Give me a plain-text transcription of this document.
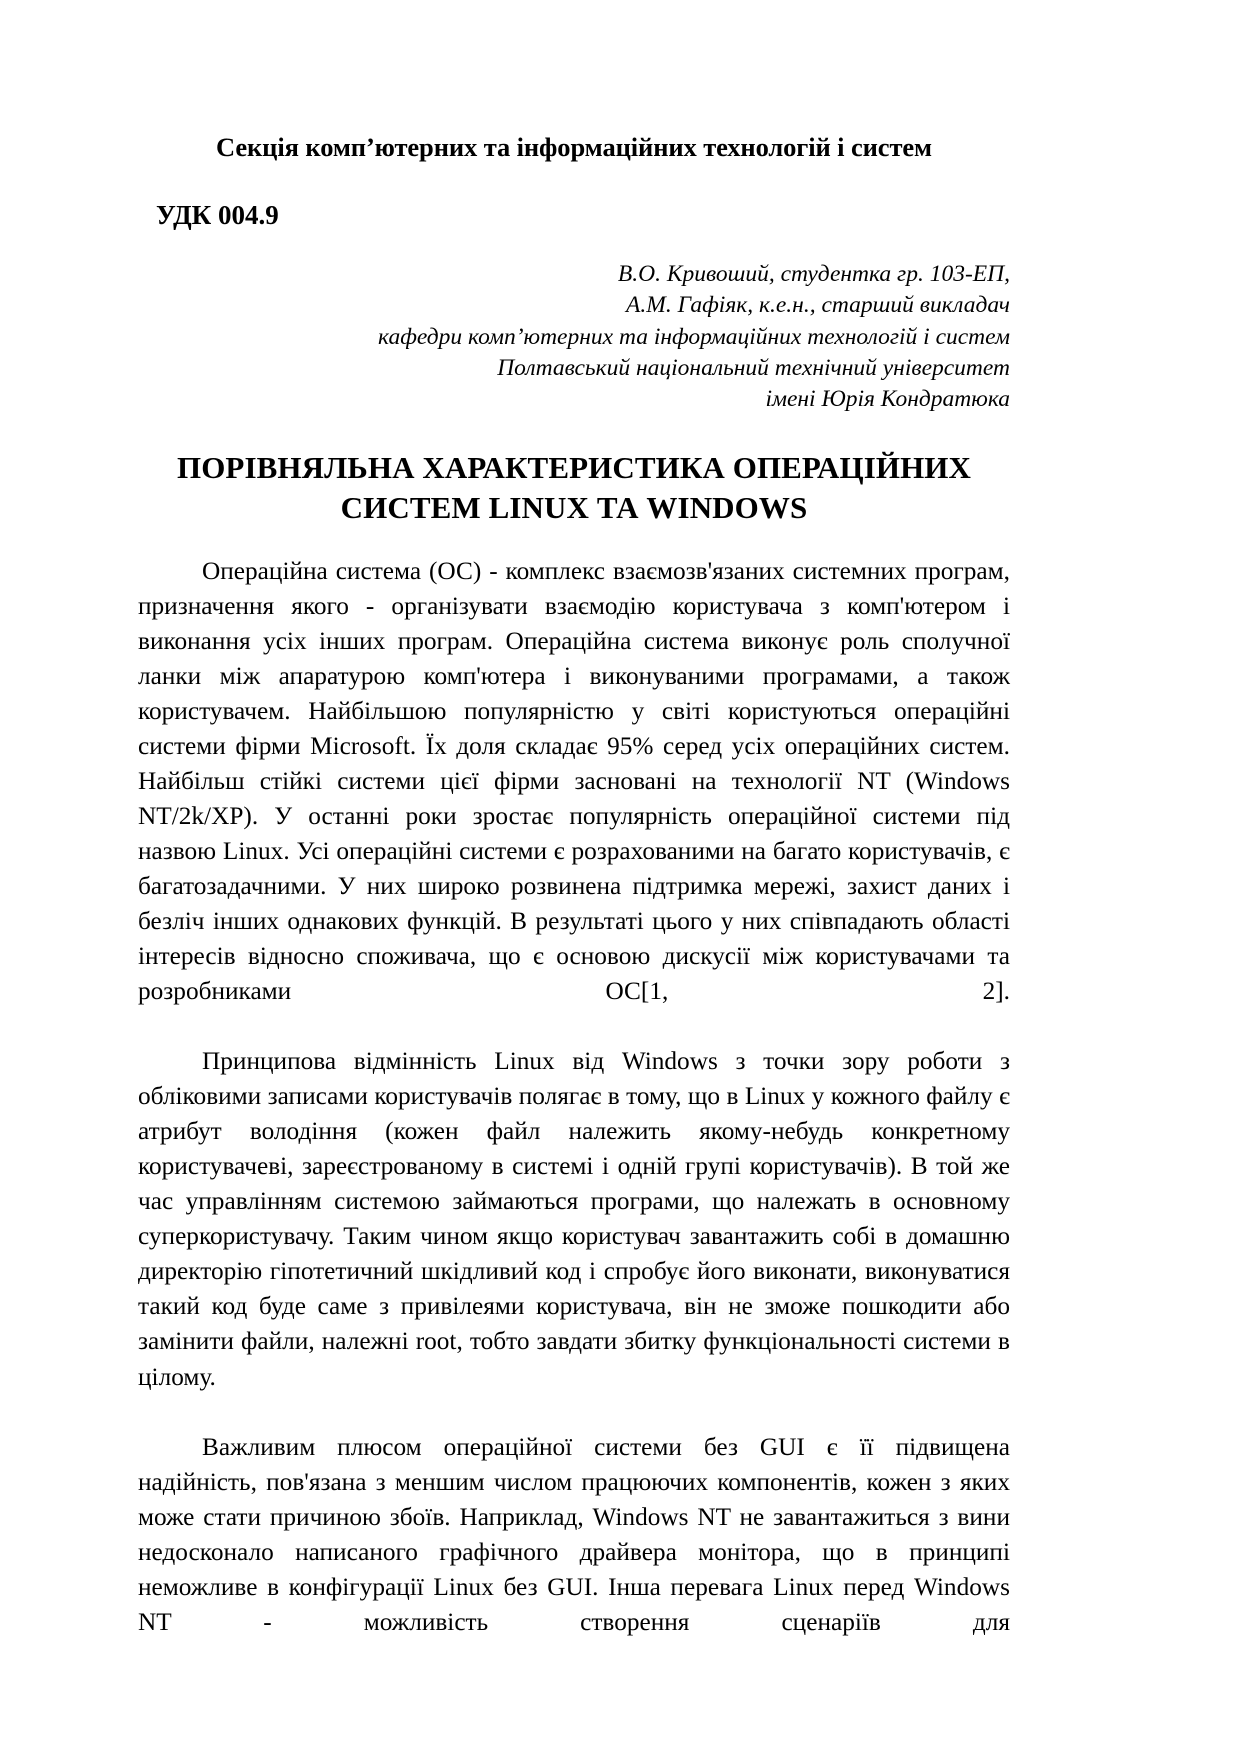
Секція комп’ютерних та інформаційних технологій і систем
УДК 004.9
В.О. Кривоший, студентка гр. 103-ЕП,
А.М. Гафіяк, к.е.н., старший викладач
кафедри комп’ютерних та інформаційних технологій і систем
Полтавський національний технічний університет
імені Юрія Кондратюка
ПОРІВНЯЛЬНА ХАРАКТЕРИСТИКА ОПЕРАЦІЙНИХ
СИСТЕМ LINUX ТА WINDOWS

Операційна система (ОС) - комплекс взаємозв'язаних системних програм, призначення якого - організувати взаємодію користувача з комп'ютером і виконання усіх інших програм. Операційна система виконує роль сполучної ланки між апаратурою комп'ютера і виконуваними програмами, а також користувачем. Найбільшою популярністю у світі користуються операційні системи фірми Microsoft. Їх доля складає 95% серед усіх операційних систем. Найбільш стійкі системи цієї фірми засновані на технології NT (Windows NT/2k/XP). У останні роки зростає популярність операційної системи під назвою Linux. Усі операційні системи є розрахованими на багато користувачів, є багатозадачними. У них широко розвинена підтримка мережі, захист даних і безліч інших однакових функцій. В результаті цього у них співпадають області інтересів відносно споживача, що є основою дискусії між користувачами та розробниками ОС[1, 2].

Принципова відмінність Linux від Windows з точки зору роботи з обліковими записами користувачів полягає в тому, що в Linux у кожного файлу є атрибут володіння (кожен файл належить якому-небудь конкретному користувачеві, зареєстрованому в системі і одній групі користувачів). В той же час управлінням системою займаються програми, що належать в основному суперкористувачу. Таким чином якщо користувач завантажить собі в домашню директорію гіпотетичний шкідливий код і спробує його виконати, виконуватися такий код буде саме з привілеями користувача, він не зможе пошкодити або замінити файли, належні root, тобто завдати збитку функціональності системи в цілому.

Важливим плюсом операційної системи без GUI є її підвищена надійність, пов'язана з меншим числом працюючих компонентів, кожен з яких може стати причиною збоїв. Наприклад, Windows NT не завантажиться з вини недосконало написаного графічного драйвера монітора, що в принципі неможливе в конфігурації Linux без GUI. Інша перевага Linux перед Windows NT - можливість створення сценаріїв для
